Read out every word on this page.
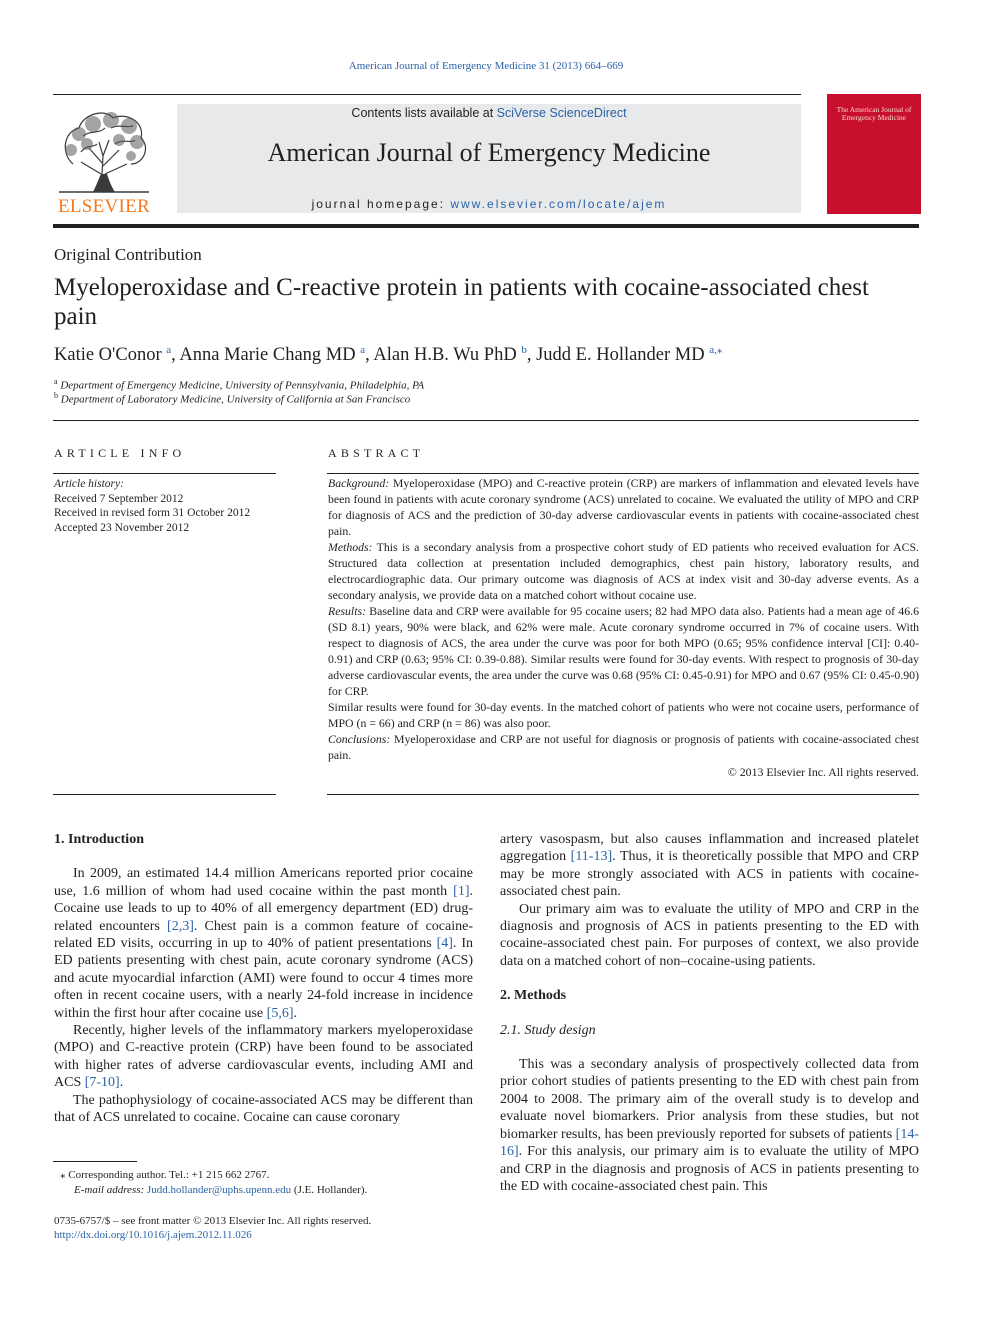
American Journal of Emergency Medicine 31 (2013) 664–669
ELSEVIER
Contents lists available at SciVerse ScienceDirect
American Journal of Emergency Medicine
journal homepage: www.elsevier.com/locate/ajem
The American Journal of Emergency Medicine
Original Contribution
Myeloperoxidase and C-reactive protein in patients with cocaine-associated chest pain
Katie O'Conor $^a$, Anna Marie Chang MD $^a$, Alan H.B. Wu PhD $^b$, Judd E. Hollander MD $^{a,⁎}$
$^a$ Department of Emergency Medicine, University of Pennsylvania, Philadelphia, PA
$^b$ Department of Laboratory Medicine, University of California at San Francisco
ARTICLE INFO
Article history:
Received 7 September 2012
Received in revised form 31 October 2012
Accepted 23 November 2012
ABSTRACT

Background: Myeloperoxidase (MPO) and C-reactive protein (CRP) are markers of inflammation and elevated levels have been found in patients with acute coronary syndrome (ACS) unrelated to cocaine. We evaluated the utility of MPO and CRP for diagnosis of ACS and the prediction of 30-day adverse cardiovascular events in patients with cocaine-associated chest pain.

Methods: This is a secondary analysis from a prospective cohort study of ED patients who received evaluation for ACS. Structured data collection at presentation included demographics, chest pain history, laboratory results, and electrocardiographic data. Our primary outcome was diagnosis of ACS at index visit and 30-day adverse events. As a secondary analysis, we provide data on a matched cohort without cocaine use.

Results: Baseline data and CRP were available for 95 cocaine users; 82 had MPO data also. Patients had a mean age of 46.6 (SD 8.1) years, 90% were black, and 62% were male. Acute coronary syndrome occurred in 7% of cocaine users. With respect to diagnosis of ACS, the area under the curve was poor for both MPO (0.65; 95% confidence interval [CI]: 0.40-0.91) and CRP (0.63; 95% CI: 0.39-0.88). Similar results were found for 30-day events. With respect to prognosis of 30-day adverse cardiovascular events, the area under the curve was 0.68 (95% CI: 0.45-0.91) for MPO and 0.67 (95% CI: 0.45-0.90) for CRP.

Similar results were found for 30-day events. In the matched cohort of patients who were not cocaine users, performance of MPO (n = 66) and CRP (n = 86) was also poor.

Conclusions: Myeloperoxidase and CRP are not useful for diagnosis or prognosis of patients with cocaine-associated chest pain.

© 2013 Elsevier Inc. All rights reserved.

1. Introduction

In 2009, an estimated 14.4 million Americans reported prior cocaine use, 1.6 million of whom had used cocaine within the past month [1]. Cocaine use leads to up to 40% of all emergency department (ED) drug-related encounters [2,3]. Chest pain is a common feature of cocaine-related ED visits, occurring in up to 40% of patient presentations [4]. In ED patients presenting with chest pain, acute coronary syndrome (ACS) and acute myocardial infarction (AMI) were found to occur 4 times more often in recent cocaine users, with a nearly 24-fold increase in incidence within the first hour after cocaine use [5,6].

Recently, higher levels of the inflammatory markers myeloperoxidase (MPO) and C-reactive protein (CRP) have been found to be associated with higher rates of adverse cardiovascular events, including AMI and ACS [7-10].

The pathophysiology of cocaine-associated ACS may be different than that of ACS unrelated to cocaine. Cocaine can cause coronary

artery vasospasm, but also causes inflammation and increased platelet aggregation [11-13]. Thus, it is theoretically possible that MPO and CRP may be more strongly associated with ACS in patients with cocaine-associated chest pain.

Our primary aim was to evaluate the utility of MPO and CRP in the diagnosis and prognosis of ACS in patients presenting to the ED with cocaine-associated chest pain. For purposes of context, we also provide data on a matched cohort of non–cocaine-using patients.

2. Methods
2.1. Study design

This was a secondary analysis of prospectively collected data from prior cohort studies of patients presenting to the ED with chest pain from 2004 to 2008. The primary aim of the overall study is to develop and evaluate novel biomarkers. Prior analysis from these studies, but not biomarker results, has been previously reported for subsets of patients [14-16]. For this analysis, our primary aim is to evaluate the utility of MPO and CRP in the diagnosis and prognosis of ACS in patients presenting to the ED with cocaine-associated chest pain. This

⁎ Corresponding author. Tel.: +1 215 662 2767.
E-mail address: Judd.hollander@uphs.upenn.edu (J.E. Hollander).
0735-6757/$ – see front matter © 2013 Elsevier Inc. All rights reserved.
http://dx.doi.org/10.1016/j.ajem.2012.11.026
